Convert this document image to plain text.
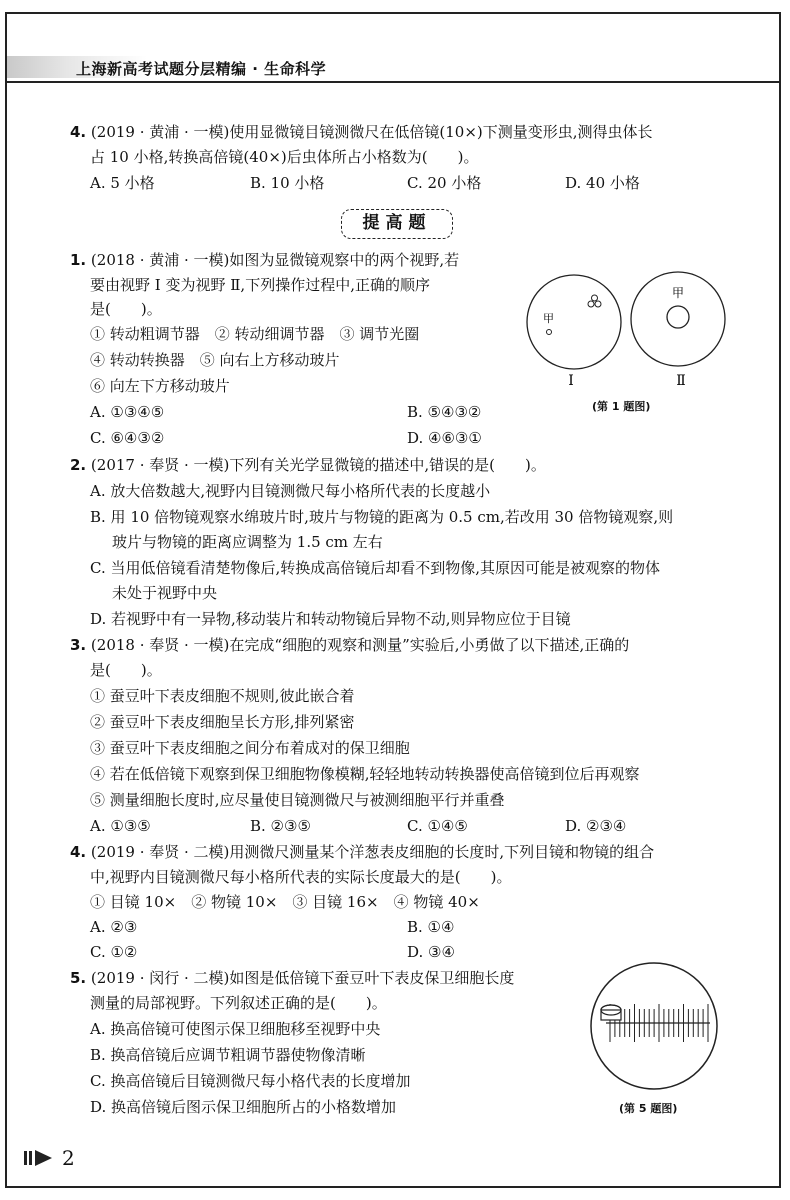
上海新高考试题分层精编 · 生命科学
4. (2019 · 黄浦 · 一模)使用显微镜目镜测微尺在低倍镜(10×)下测量变形虫,测得虫体长
占 10 小格,转换高倍镜(40×)后虫体所占小格数为(　　)。
A. 5 小格	B. 10 小格	C. 20 小格	D. 40 小格
提高题
1. (2018 · 黄浦 · 一模)如图为显微镜观察中的两个视野,若
要由视野 Ⅰ 变为视野 Ⅱ,下列操作过程中,正确的顺序
是(　　)。
① 转动粗调节器　② 转动细调节器　③ 调节光圈
④ 转动转换器　⑤ 向右上方移动玻片
⑥ 向左下方移动玻片
A. ①③④⑤	B. ⑤④③②
C. ⑥④③②	D. ④⑥③①
甲
Ⅰ
甲
Ⅱ
(第 1 题图)
2. (2017 · 奉贤 · 一模)下列有关光学显微镜的描述中,错误的是(　　)。
A. 放大倍数越大,视野内目镜测微尺每小格所代表的长度越小
B. 用 10 倍物镜观察水绵玻片时,玻片与物镜的距离为 0.5 cm,若改用 30 倍物镜观察,则
玻片与物镜的距离应调整为 1.5 cm 左右
C. 当用低倍镜看清楚物像后,转换成高倍镜后却看不到物像,其原因可能是被观察的物体
未处于视野中央
D. 若视野中有一异物,移动装片和转动物镜后异物不动,则异物应位于目镜
3. (2018 · 奉贤 · 一模)在完成“细胞的观察和测量”实验后,小勇做了以下描述,正确的
是(　　)。
① 蚕豆叶下表皮细胞不规则,彼此嵌合着
② 蚕豆叶下表皮细胞呈长方形,排列紧密
③ 蚕豆叶下表皮细胞之间分布着成对的保卫细胞
④ 若在低倍镜下观察到保卫细胞物像模糊,轻轻地转动转换器使高倍镜到位后再观察
⑤ 测量细胞长度时,应尽量使目镜测微尺与被测细胞平行并重叠
A. ①③⑤	B. ②③⑤	C. ①④⑤	D. ②③④
4. (2019 · 奉贤 · 二模)用测微尺测量某个洋葱表皮细胞的长度时,下列目镜和物镜的组合
中,视野内目镜测微尺每小格所代表的实际长度最大的是(　　)。
① 目镜 10×　② 物镜 10×　③ 目镜 16×　④ 物镜 40×
A. ②③	B. ①④
C. ①②	D. ③④
5. (2019 · 闵行 · 二模)如图是低倍镜下蚕豆叶下表皮保卫细胞长度
测量的局部视野。下列叙述正确的是(　　)。
A. 换高倍镜可使图示保卫细胞移至视野中央
B. 换高倍镜后应调节粗调节器使物像清晰
C. 换高倍镜后目镜测微尺每小格代表的长度增加
D. 换高倍镜后图示保卫细胞所占的小格数增加	(第 5 题图)
2
